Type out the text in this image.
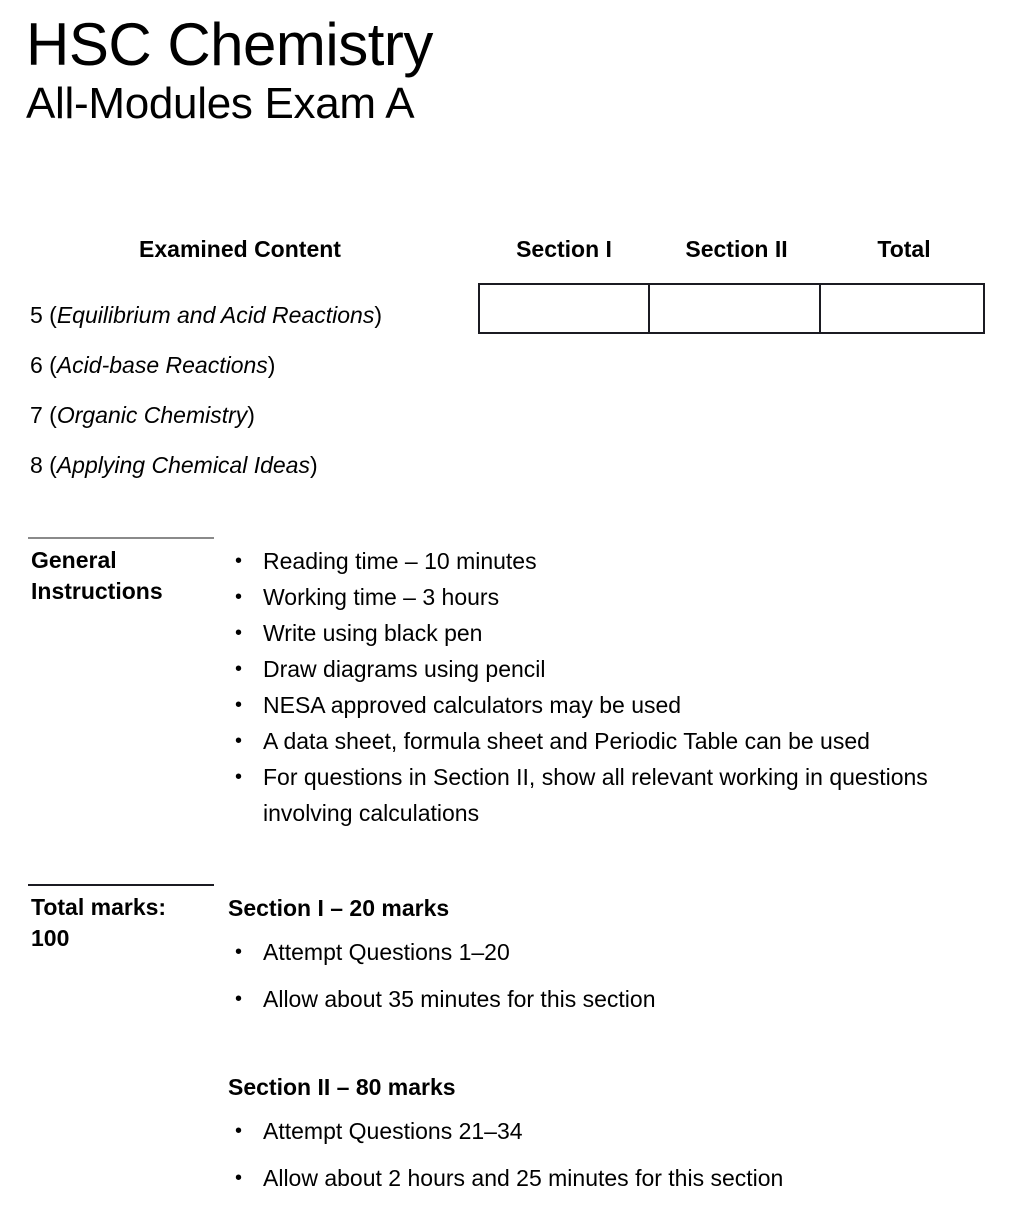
HSC Chemistry
All-Modules Exam A
Examined Content	Section I	Section II	Total
5 (Equilibrium and Acid Reactions)
6 (Acid-base Reactions)
7 (Organic Chemistry)
8 (Applying Chemical Ideas)
General
Instructions
• Reading time – 10 minutes
• Working time – 3 hours
• Write using black pen
• Draw diagrams using pencil
• NESA approved calculators may be used
• A data sheet, formula sheet and Periodic Table can be used
• For questions in Section II, show all relevant working in questions involving calculations
Total marks:
100
Section I – 20 marks
• Attempt Questions 1–20
• Allow about 35 minutes for this section
Section II – 80 marks
• Attempt Questions 21–34
• Allow about 2 hours and 25 minutes for this section
